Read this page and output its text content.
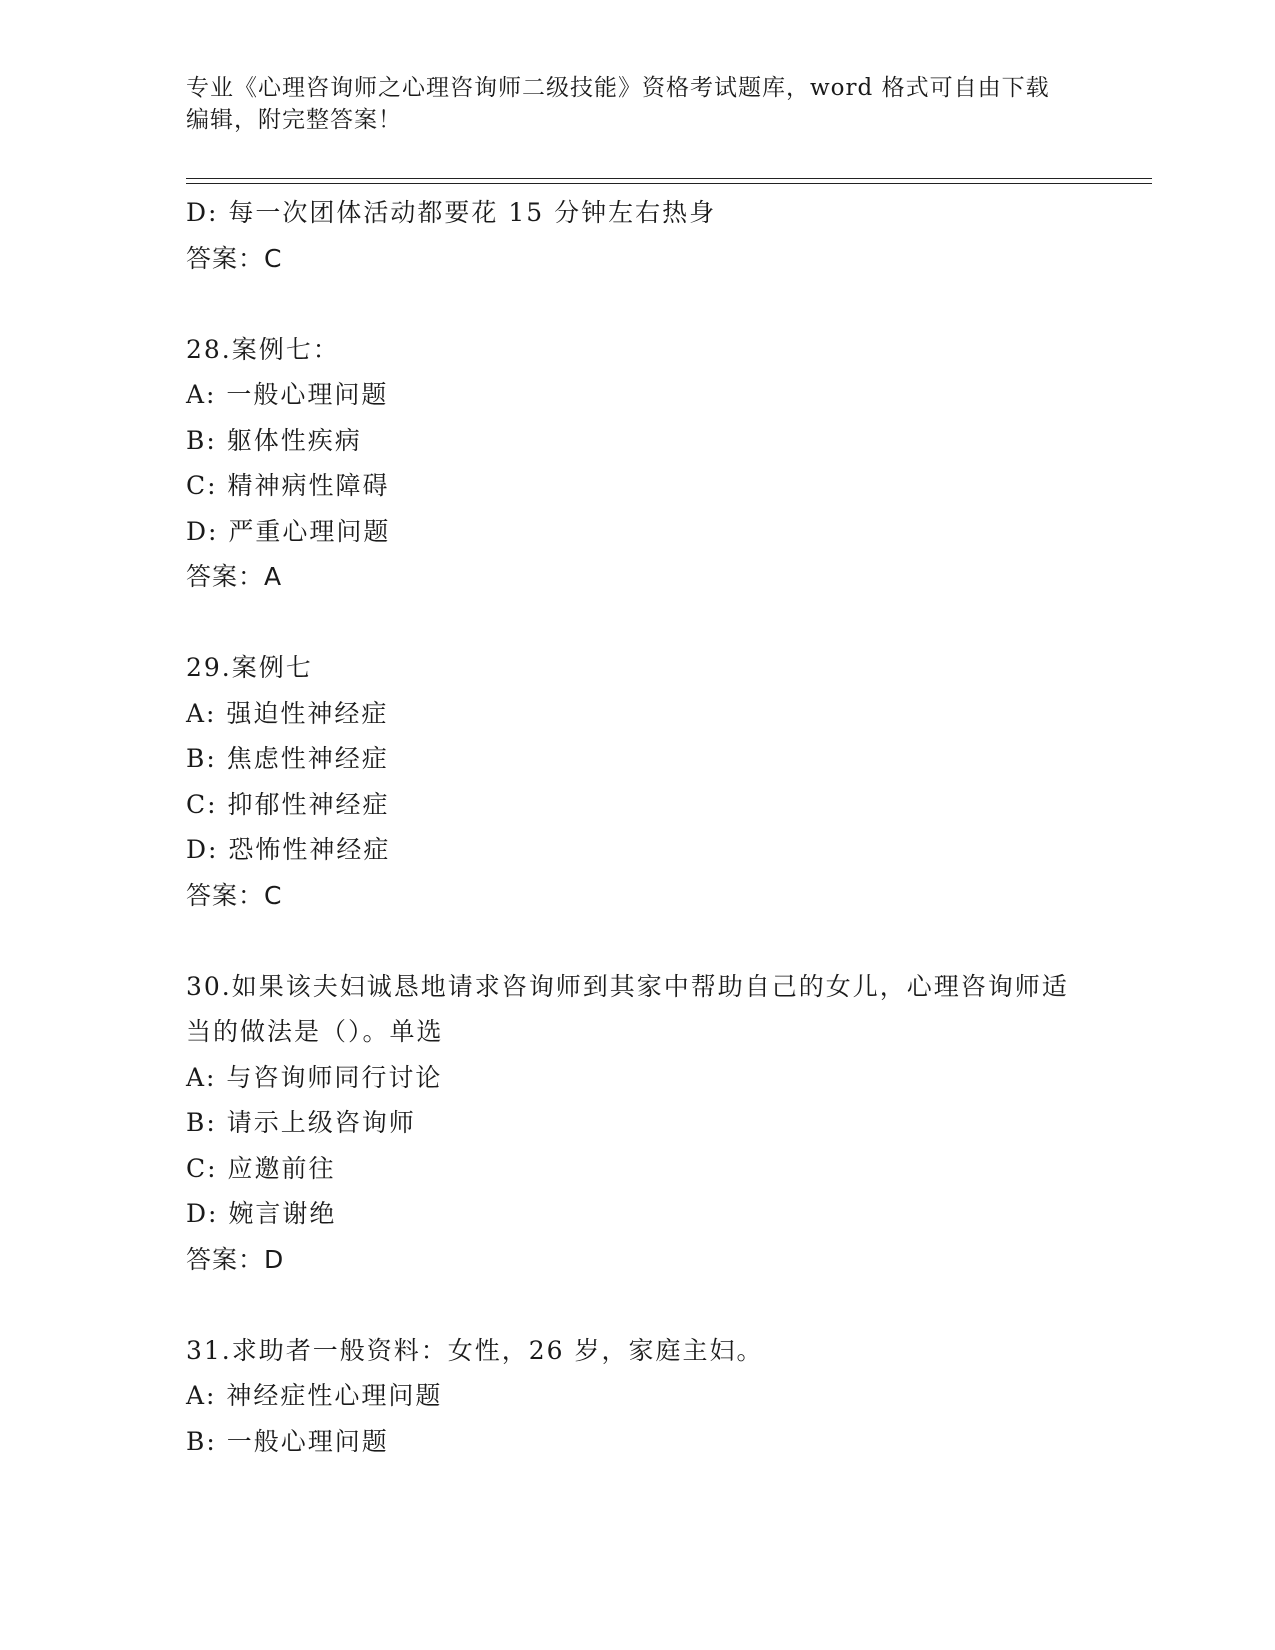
专业《心理咨询师之心理咨询师二级技能》资格考试题库，word 格式可自由下载编辑，附完整答案！
D: 每一次团体活动都要花 15 分钟左右热身
答案：C
28.案例七：
A: 一般心理问题
B: 躯体性疾病
C: 精神病性障碍
D: 严重心理问题
答案：A
29.案例七
A: 强迫性神经症
B: 焦虑性神经症
C: 抑郁性神经症
D: 恐怖性神经症
答案：C
30.如果该夫妇诚恳地请求咨询师到其家中帮助自己的女儿，心理咨询师适当的做法是（）。单选
A: 与咨询师同行讨论
B: 请示上级咨询师
C: 应邀前往
D: 婉言谢绝
答案：D
31.求助者一般资料：女性，26 岁，家庭主妇。
A: 神经症性心理问题
B: 一般心理问题
